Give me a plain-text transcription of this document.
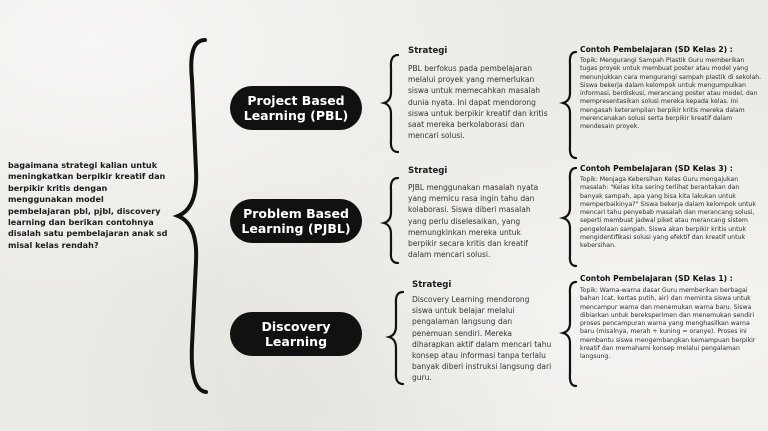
bagaimana strategi kalian untuk meningkatkan berpikir kreatif dan berpikir kritis dengan menggunakan model pembelajaran pbl, pjbl, discovery learning dan berikan contohnya disalah satu pembelajaran anak sd misal kelas rendah?
Project Based Learning (PBL)
Problem Based Learning (PJBL)
Discovery Learning
Strategi
PBL berfokus pada pembelajaran melalui proyek yang memerlukan siswa untuk memecahkan masalah dunia nyata. Ini dapat mendorong siswa untuk berpikir kreatif dan kritis saat mereka berkolaborasi dan mencari solusi.
Strategi
PJBL menggunakan masalah nyata yang memicu rasa ingin tahu dan kolaborasi. Siswa diberi masalah yang perlu diselesaikan, yang memungkinkan mereka untuk berpikir secara kritis dan kreatif dalam mencari solusi.
Strategi
Discovery Learning mendorong siswa untuk belajar melalui pengalaman langsung dan penemuan sendiri. Mereka diharapkan aktif dalam mencari tahu konsep atau informasi tanpa terlalu banyak diberi instruksi langsung dari guru.
Contoh Pembelajaran (SD Kelas 2) :
Topik: Mengurangi Sampah Plastik Guru memberikan tugas proyek untuk membuat poster atau model yang menunjukkan cara mengurangi sampah plastik di sekolah. Siswa bekerja dalam kelompok untuk mengumpulkan informasi, berdiskusi, merancang poster atau model, dan mempresentasikan solusi mereka kepada kelas. Ini mengasah keterampilan berpikir kritis mereka dalam merencanakan solusi serta berpikir kreatif dalam mendesain proyek.
Contoh Pembelajaran (SD Kelas 3) :
Topik: Menjaga Kebersihan Kelas Guru mengajukan masalah: "Kelas kita sering terlihat berantakan dan banyak sampah, apa yang bisa kita lakukan untuk memperbaikinya?" Siswa bekerja dalam kelompok untuk mencari tahu penyebab masalah dan merancang solusi, seperti membuat jadwal piket atau merancang sistem pengelolaan sampah. Siswa akan berpikir kritis untuk mengidentifikasi solusi yang efektif dan kreatif untuk kebersihan.
Contoh Pembelajaran (SD Kelas 1) :
Topik: Warna-warna dasar Guru memberikan berbagai bahan (cat, kertas putih, air) dan meminta siswa untuk mencampur warna dan menemukan warna baru. Siswa dibiarkan untuk bereksperimen dan menemukan sendiri proses pencampuran warna yang menghasilkan warna baru (misalnya, merah + kuning = oranye). Proses ini membantu siswa mengembangkan kemampuan berpikir kreatif dan memahami konsep melalui pengalaman langsung.
